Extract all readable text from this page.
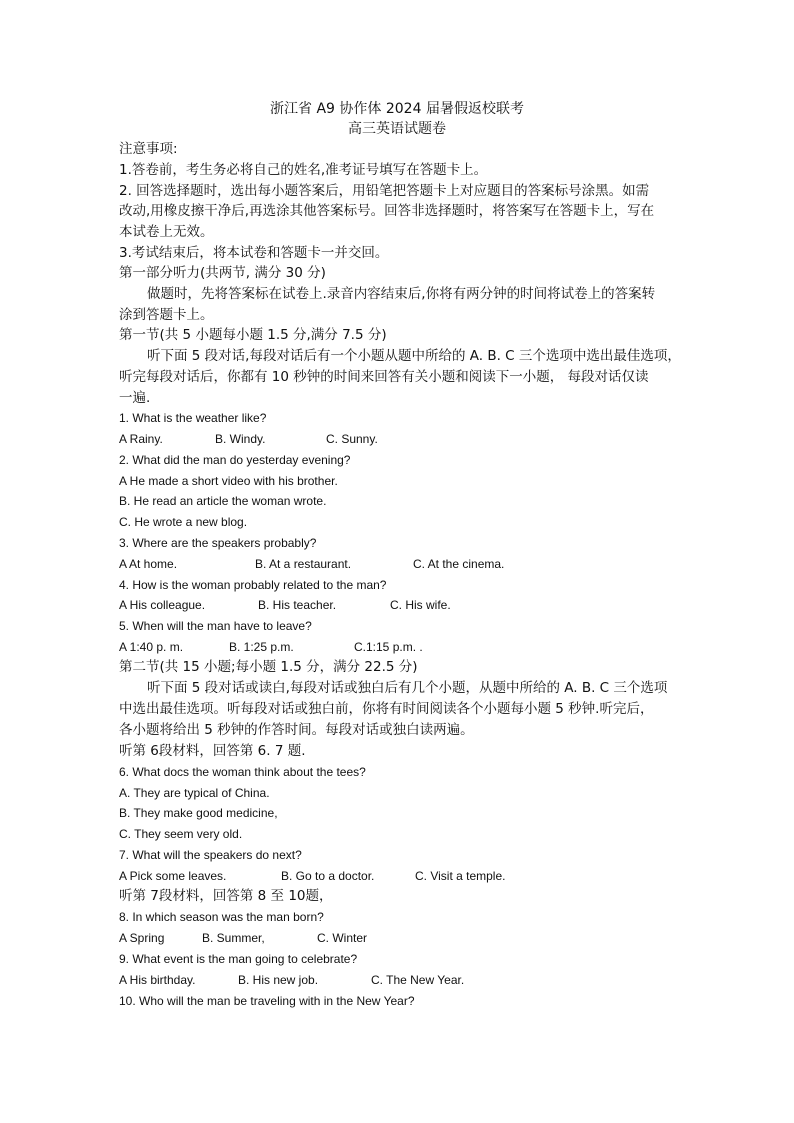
浙江省 A9 协作体 2024 届暑假返校联考
高三英语试题卷
注意事项:
1.答卷前，考生务必将自己的姓名,准考证号填写在答题卡上。
2. 回答选择题时，选出每小题答案后，用铅笔把答题卡上对应题目的答案标号涂黑。如需
改动,用橡皮擦干净后,再选涂其他答案标号。回答非选择题时，将答案写在答题卡上，写在
本试卷上无效。
3.考试结束后，将本试卷和答题卡一并交回。
第一部分听力(共两节, 满分 30 分)
做题时，先将答案标在试卷上.录音内容结束后,你将有两分钟的时间将试卷上的答案转
涂到答题卡上。
第一节(共 5 小题每小题 1.5 分,满分 7.5 分)
听下面 5 段对话,每段对话后有一个小题从题中所给的 A. B. C 三个选项中选出最佳选项，
听完每段对话后，你都有 10 秒钟的时间来回答有关小题和阅读下一小题， 每段对话仅读
一遍.
1. What is the weather like?
A Rainy.	B. Windy.	C. Sunny.
2. What did the man do yesterday evening?
A He made a short video with his brother.
B. He read an article the woman wrote.
C. He wrote a new blog.
3. Where are the speakers probably?
A At home.	B. At a restaurant.	C. At the cinema.
4. How is the woman probably related to the man?
A His colleague.	B. His teacher.	C. His wife.
5. When will the man have to leave?
A 1:40 p. m.	B. 1:25 p.m.	C.1:15 p.m. .
第二节(共 15 小题;每小题 1.5 分，满分 22.5 分)
听下面 5 段对话或读白,每段对话或独白后有几个小题，从题中所给的 A. B. C 三个选项
中选出最佳选项。听每段对话或独白前，你将有时间阅读各个小题每小题 5 秒钟.听完后，
各小题将给出 5 秒钟的作答时间。每段对话或独白读两遍。
听第 6段材料，回答第 6. 7 题.
6. What docs the woman think about the tees?
A. They are typical of China.
B. They make good medicine,
C. They seem very old.
7. What will the speakers do next?
A Pick some leaves.	B. Go to a doctor.	C. Visit a temple.
听第 7段材料，回答第 8 至 10题，
8. In which season was the man born?
A Spring	B. Summer,	C. Winter
9. What event is the man going to celebrate?
A His birthday.	B. His new job.	C. The New Year.
10. Who will the man be traveling with in the New Year?
